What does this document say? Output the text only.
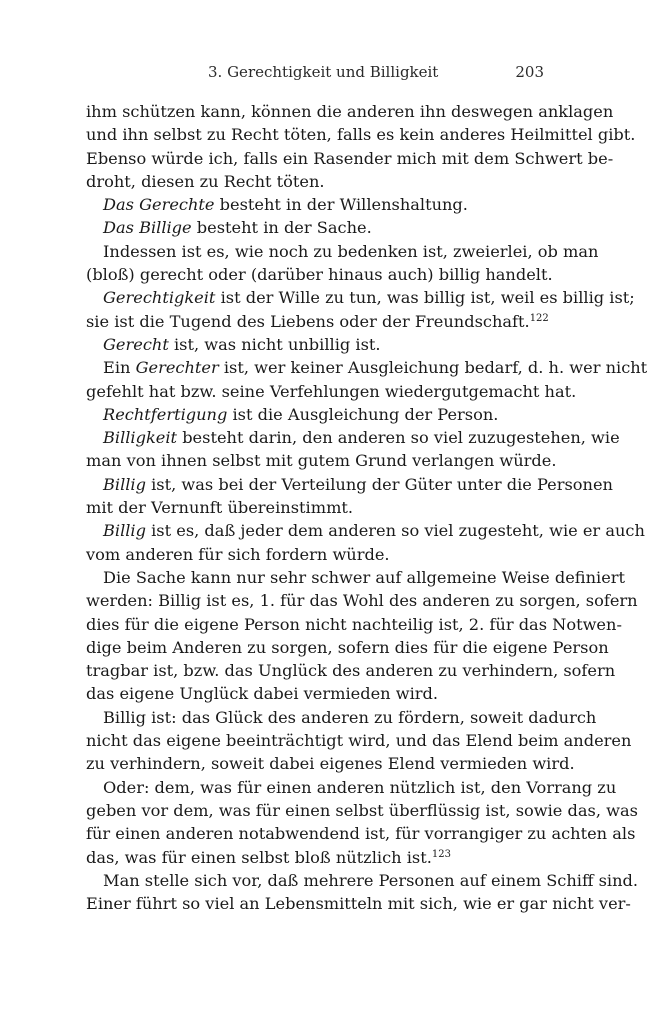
3. Gerechtigkeit und Billigkeit	203
ihm schützen kann, können die anderen ihn deswegen anklagen
und ihn selbst zu Recht töten, falls es kein anderes Heilmittel gibt.
Ebenso würde ich, falls ein Rasender mich mit dem Schwert be-
droht, diesen zu Recht töten.
Das Gerechte besteht in der Willenshaltung.
Das Billige besteht in der Sache.
Indessen ist es, wie noch zu bedenken ist, zweierlei, ob man
(bloß) gerecht oder (darüber hinaus auch) billig handelt.
Gerechtigkeit ist der Wille zu tun, was billig ist, weil es billig ist;
sie ist die Tugend des Liebens oder der Freundschaft.$^{122}$
Gerecht ist, was nicht unbillig ist.
Ein Gerechter ist, wer keiner Ausgleichung bedarf, d. h. wer nicht
gefehlt hat bzw. seine Verfehlungen wiedergutgemacht hat.
Rechtfertigung ist die Ausgleichung der Person.
Billigkeit besteht darin, den anderen so viel zuzugestehen, wie
man von ihnen selbst mit gutem Grund verlangen würde.
Billig ist, was bei der Verteilung der Güter unter die Personen
mit der Vernunft übereinstimmt.
Billig ist es, daß jeder dem anderen so viel zugesteht, wie er auch
vom anderen für sich fordern würde.
Die Sache kann nur sehr schwer auf allgemeine Weise definiert
werden: Billig ist es, 1. für das Wohl des anderen zu sorgen, sofern
dies für die eigene Person nicht nachteilig ist, 2. für das Notwen-
dige beim Anderen zu sorgen, sofern dies für die eigene Person
tragbar ist, bzw. das Unglück des anderen zu verhindern, sofern
das eigene Unglück dabei vermieden wird.
Billig ist: das Glück des anderen zu fördern, soweit dadurch
nicht das eigene beeinträchtigt wird, und das Elend beim anderen
zu verhindern, soweit dabei eigenes Elend vermieden wird.
Oder: dem, was für einen anderen nützlich ist, den Vorrang zu
geben vor dem, was für einen selbst überflüssig ist, sowie das, was
für einen anderen notabwendend ist, für vorrangiger zu achten als
das, was für einen selbst bloß nützlich ist.$^{123}$
Man stelle sich vor, daß mehrere Personen auf einem Schiff sind.
Einer führt so viel an Lebensmitteln mit sich, wie er gar nicht ver-
